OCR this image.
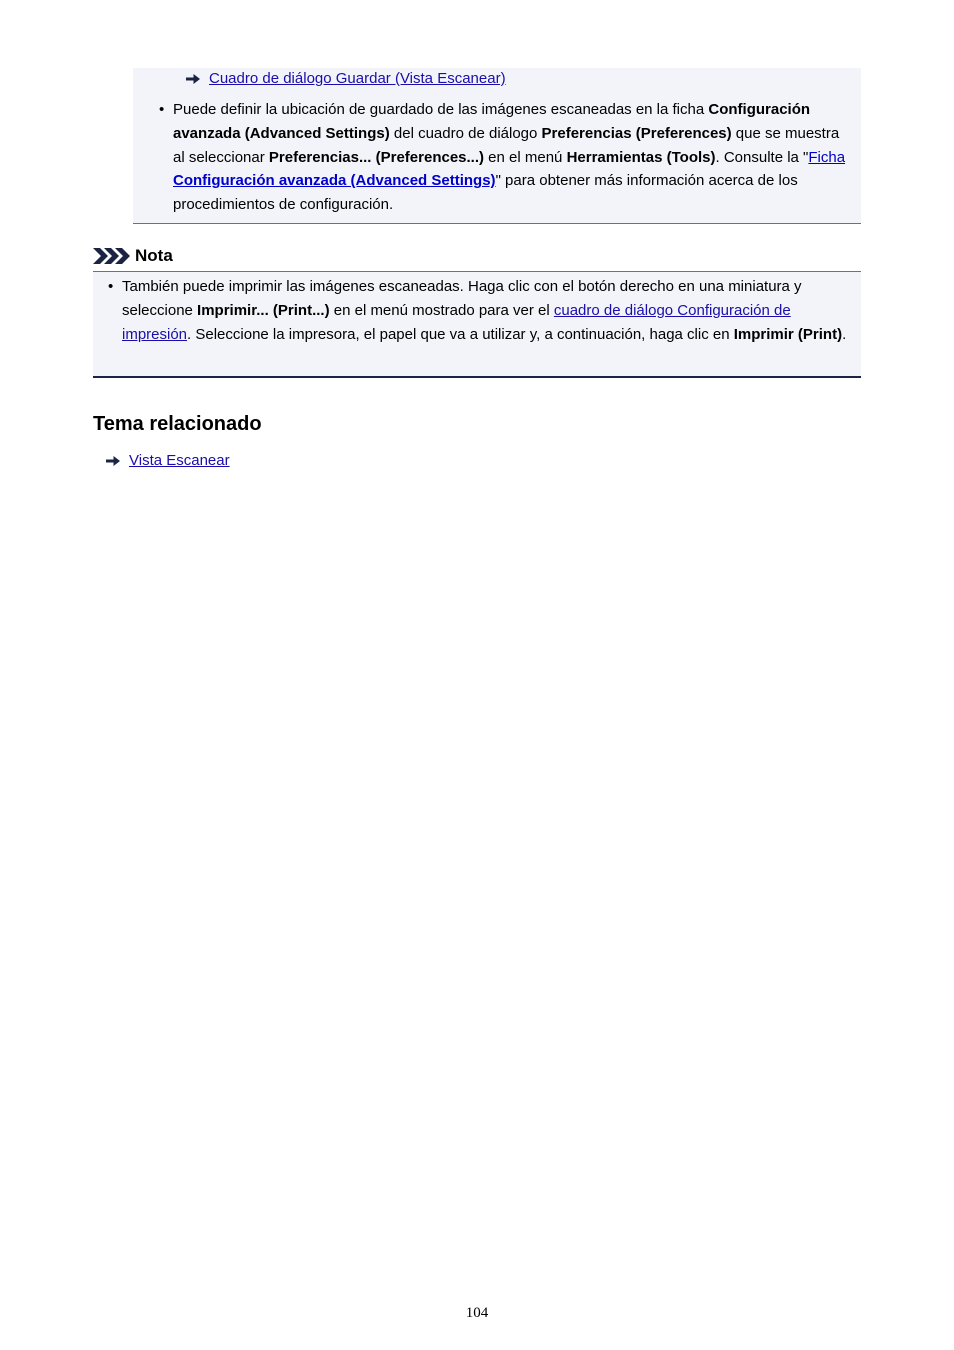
Cuadro de diálogo Guardar (Vista Escanear)
• Puede definir la ubicación de guardado de las imágenes escaneadas en la ficha Configuración avanzada (Advanced Settings) del cuadro de diálogo Preferencias (Preferences) que se muestra al seleccionar Preferencias... (Preferences...) en el menú Herramientas (Tools). Consulte la "Ficha Configuración avanzada (Advanced Settings)" para obtener más información acerca de los procedimientos de configuración.
Nota
• También puede imprimir las imágenes escaneadas. Haga clic con el botón derecho en una miniatura y seleccione Imprimir... (Print...) en el menú mostrado para ver el cuadro de diálogo Configuración de impresión. Seleccione la impresora, el papel que va a utilizar y, a continuación, haga clic en Imprimir (Print).
Tema relacionado
Vista Escanear
104
